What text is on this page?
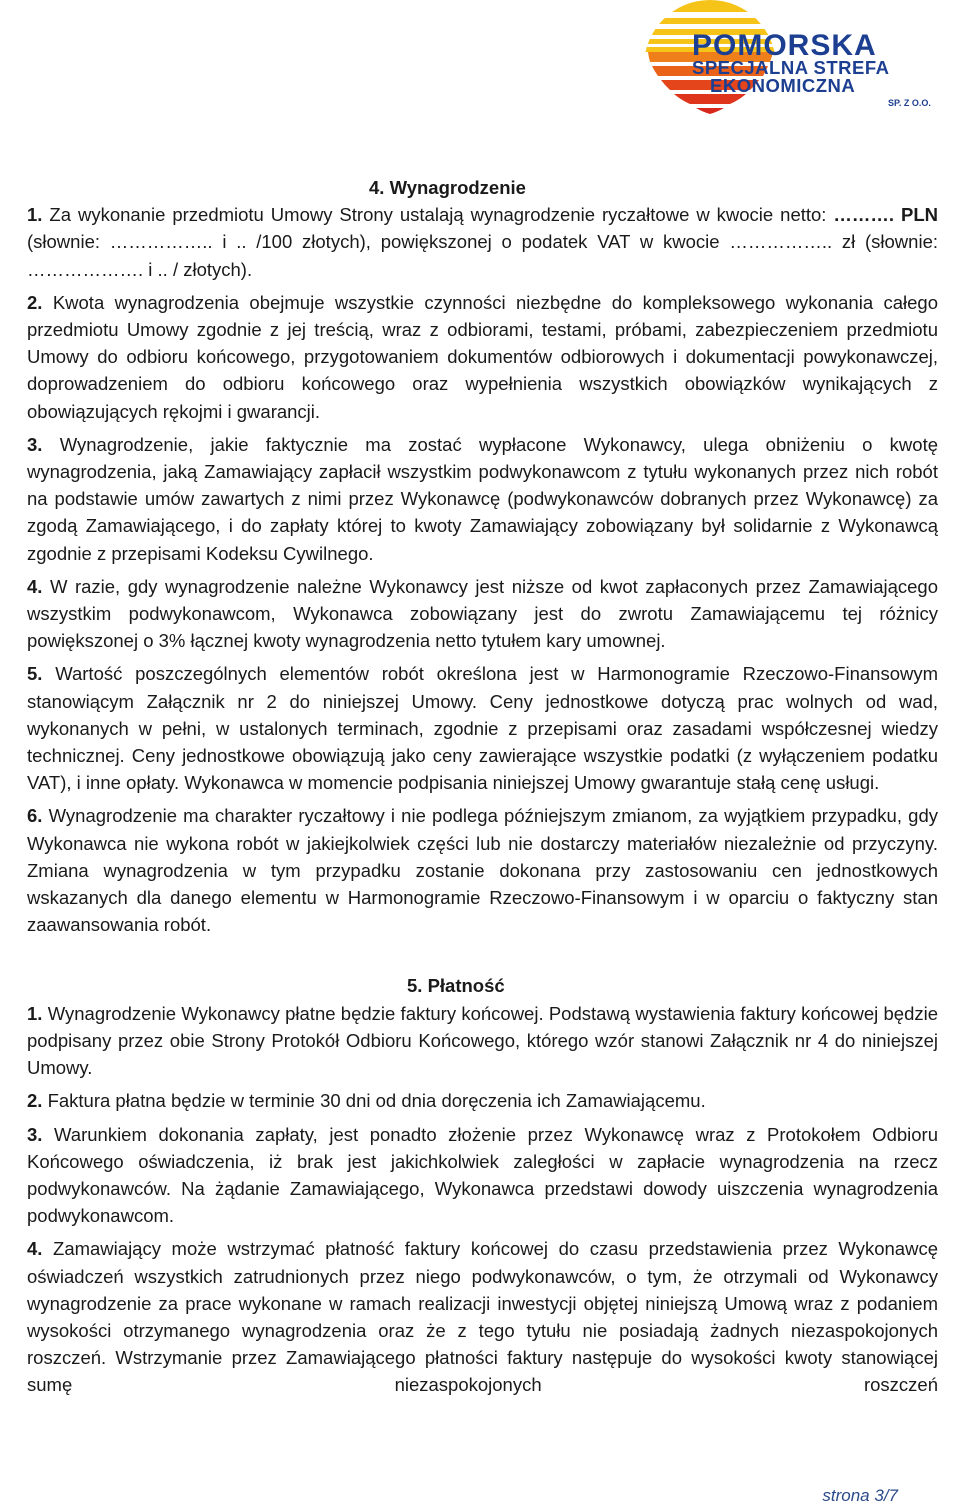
POMORSKA
SPECJALNA STREFA
EKONOMICZNA
SP. Z O.O.

4. Wynagrodzenie

1. Za wykonanie przedmiotu Umowy Strony ustalają wynagrodzenie ryczałtowe w kwocie netto: ………. PLN (słownie: …………….. i .. /100 złotych), powiększonej o podatek VAT w kwocie …………….. zł (słownie: ………………. i .. / złotych).

2. Kwota wynagrodzenia obejmuje wszystkie czynności niezbędne do kompleksowego wykonania całego przedmiotu Umowy zgodnie z jej treścią, wraz z odbiorami, testami, próbami, zabezpieczeniem przedmiotu Umowy do odbioru końcowego, przygotowaniem dokumentów odbiorowych i dokumentacji powykonawczej, doprowadzeniem do odbioru końcowego oraz wypełnienia wszystkich obowiązków wynikających z obowiązujących rękojmi i gwarancji.

3. Wynagrodzenie, jakie faktycznie ma zostać wypłacone Wykonawcy, ulega obniżeniu o kwotę wynagrodzenia, jaką Zamawiający zapłacił wszystkim podwykonawcom z tytułu wykonanych przez nich robót na podstawie umów zawartych z nimi przez Wykonawcę (podwykonawców dobranych przez Wykonawcę) za zgodą Zamawiającego, i do zapłaty której to kwoty Zamawiający zobowiązany był solidarnie z Wykonawcą zgodnie z przepisami Kodeksu Cywilnego.

4. W razie, gdy wynagrodzenie należne Wykonawcy jest niższe od kwot zapłaconych przez Zamawiającego wszystkim podwykonawcom, Wykonawca zobowiązany jest do zwrotu Zamawiającemu tej różnicy powiększonej o 3% łącznej kwoty wynagrodzenia netto tytułem kary umownej.

5. Wartość poszczególnych elementów robót określona jest w Harmonogramie Rzeczowo-Finansowym stanowiącym Załącznik nr 2 do niniejszej Umowy. Ceny jednostkowe dotyczą prac wolnych od wad, wykonanych w pełni, w ustalonych terminach, zgodnie z przepisami oraz zasadami współczesnej wiedzy technicznej. Ceny jednostkowe obowiązują jako ceny zawierające wszystkie podatki (z wyłączeniem podatku VAT), i inne opłaty. Wykonawca w momencie podpisania niniejszej Umowy gwarantuje stałą cenę usługi.

6. Wynagrodzenie ma charakter ryczałtowy i nie podlega późniejszym zmianom, za wyjątkiem przypadku, gdy Wykonawca nie wykona robót w jakiejkolwiek części lub nie dostarczy materiałów niezależnie od przyczyny. Zmiana wynagrodzenia w tym przypadku zostanie dokonana przy zastosowaniu cen jednostkowych wskazanych dla danego elementu w Harmonogramie Rzeczowo-Finansowym i w oparciu o faktyczny stan zaawansowania robót.

5. Płatność

1. Wynagrodzenie Wykonawcy płatne będzie faktury końcowej. Podstawą wystawienia faktury końcowej będzie podpisany przez obie Strony Protokół Odbioru Końcowego, którego wzór stanowi Załącznik nr 4 do niniejszej Umowy.

2. Faktura płatna będzie w terminie 30 dni od dnia doręczenia ich Zamawiającemu.

3. Warunkiem dokonania zapłaty, jest ponadto złożenie przez Wykonawcę wraz z Protokołem Odbioru Końcowego oświadczenia, iż brak jest jakichkolwiek zaległości w zapłacie wynagrodzenia na rzecz podwykonawców. Na żądanie Zamawiającego, Wykonawca przedstawi dowody uiszczenia wynagrodzenia podwykonawcom.

4. Zamawiający może wstrzymać płatność faktury końcowej do czasu przedstawienia przez Wykonawcę oświadczeń wszystkich zatrudnionych przez niego podwykonawców, o tym, że otrzymali od Wykonawcy wynagrodzenie za prace wykonane w ramach realizacji inwestycji objętej niniejszą Umową wraz z podaniem wysokości otrzymanego wynagrodzenia oraz że z tego tytułu nie posiadają żadnych niezaspokojonych roszczeń. Wstrzymanie przez Zamawiającego płatności faktury następuje do wysokości kwoty stanowiącej sumę niezaspokojonych roszczeń

strona 3/7
